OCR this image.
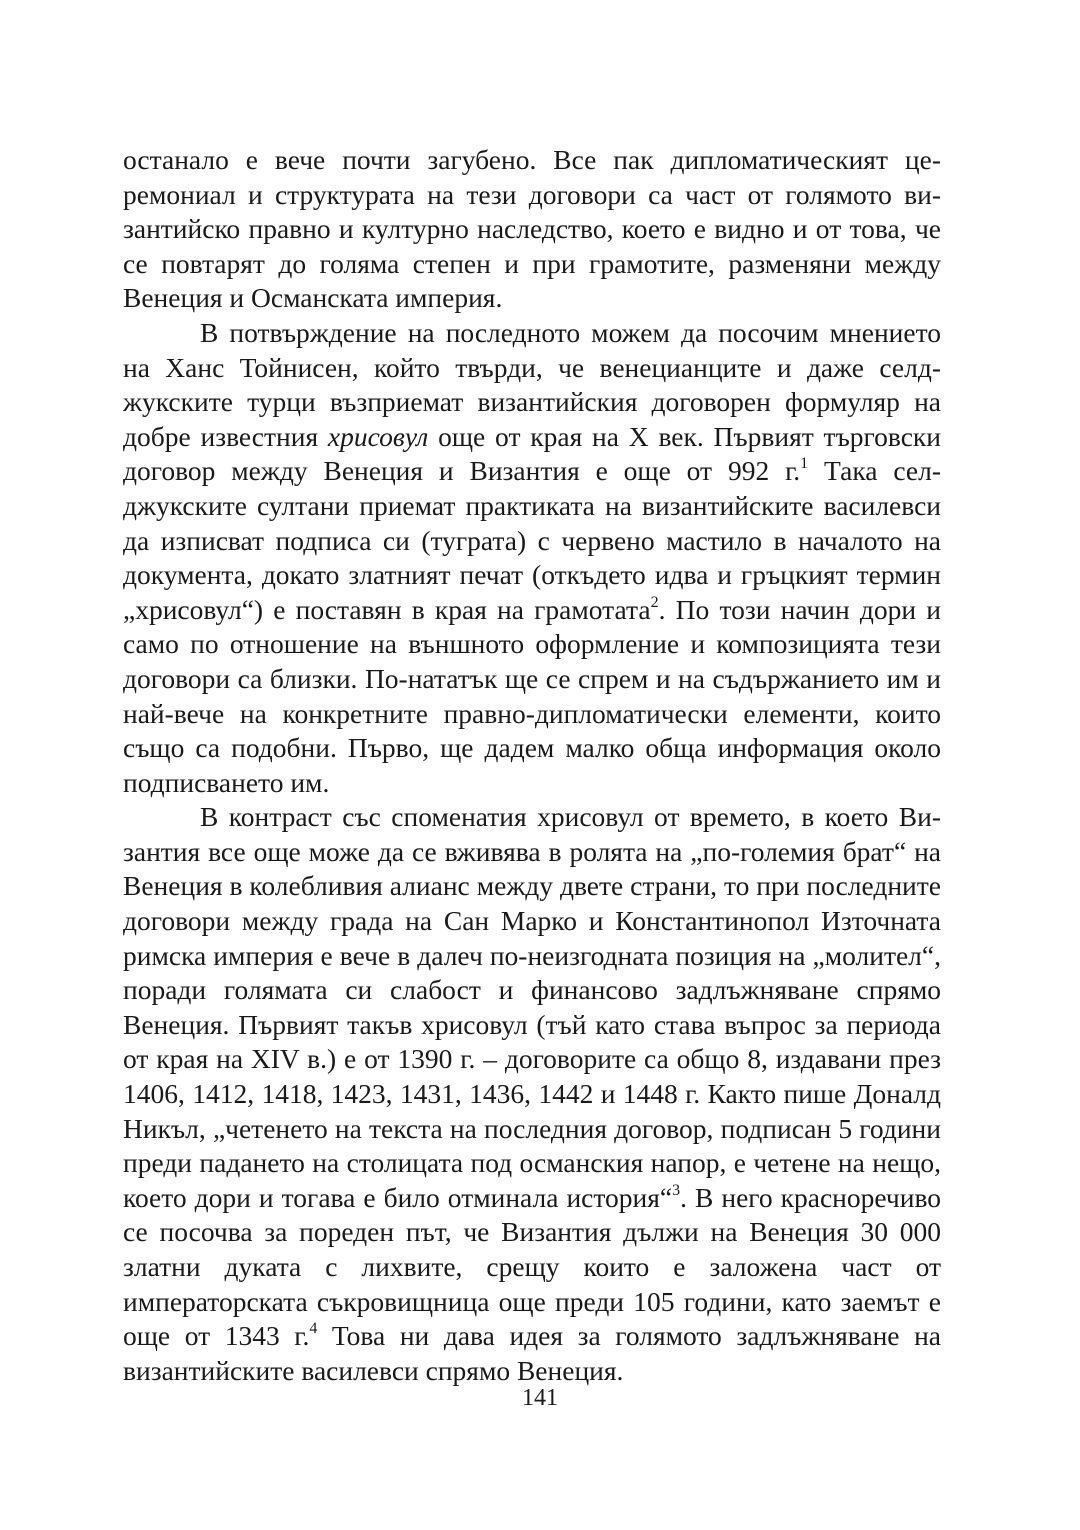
останало е вече почти загубено. Все пак дипломатическият церемониал и структурата на тези договори са част от голямото византийско правно и културно наследство, което е видно и от това, че се повтарят до голяма степен и при грамотите, разменяни между Венеция и Османската империя.

В потвърждение на последното можем да посочим мнението на Ханс Тойнисен, който твърди, че венецианците и даже селджукските турци възприемат византийския договорен формуляр на добре известния хрисовул още от края на X век. Първият търговски договор между Венеция и Византия е още от 992 г.$^1$ Така селджукските султани приемат практиката на византийските василевси да изписват подписа си (туграта) с червено мастило в началото на документа, докато златният печат (откъдето идва и гръцкият термин „хрисовул“) е поставян в края на грамотата$^2$. По този начин дори и само по отношение на външното оформление и композицията тези договори са близки. По-нататък ще се спрем и на съдържанието им и най-вече на конкретните правно-дипломатически елементи, които също са подобни. Първо, ще дадем малко обща информация около подписването им.

В контраст със споменатия хрисовул от времето, в което Византия все още може да се вживява в ролята на „по-големия брат“ на Венеция в колебливия алианс между двете страни, то при последните договори между града на Сан Марко и Константинопол Източната римска империя е вече в далеч по-неизгодната позиция на „молител“, поради голямата си слабост и финансово задлъжняване спрямо Венеция. Първият такъв хрисовул (тъй като става въпрос за периода от края на XIV в.) е от 1390 г. – договорите са общо 8, издавани през 1406, 1412, 1418, 1423, 1431, 1436, 1442 и 1448 г. Както пише Доналд Никъл, „четенето на текста на последния договор, подписан 5 години преди падането на столицата под османския напор, е четене на нещо, което дори и тогава е било отминала история“$^3$. В него красноречиво се посочва за пореден път, че Византия дължи на Венеция 30 000 златни дуката с лихвите, срещу които е заложена част от императорската съкровищница още преди 105 години, като заемът е още от 1343 г.$^4$ Това ни дава идея за голямото задлъжняване на византийските василевси спрямо Венеция.

141
